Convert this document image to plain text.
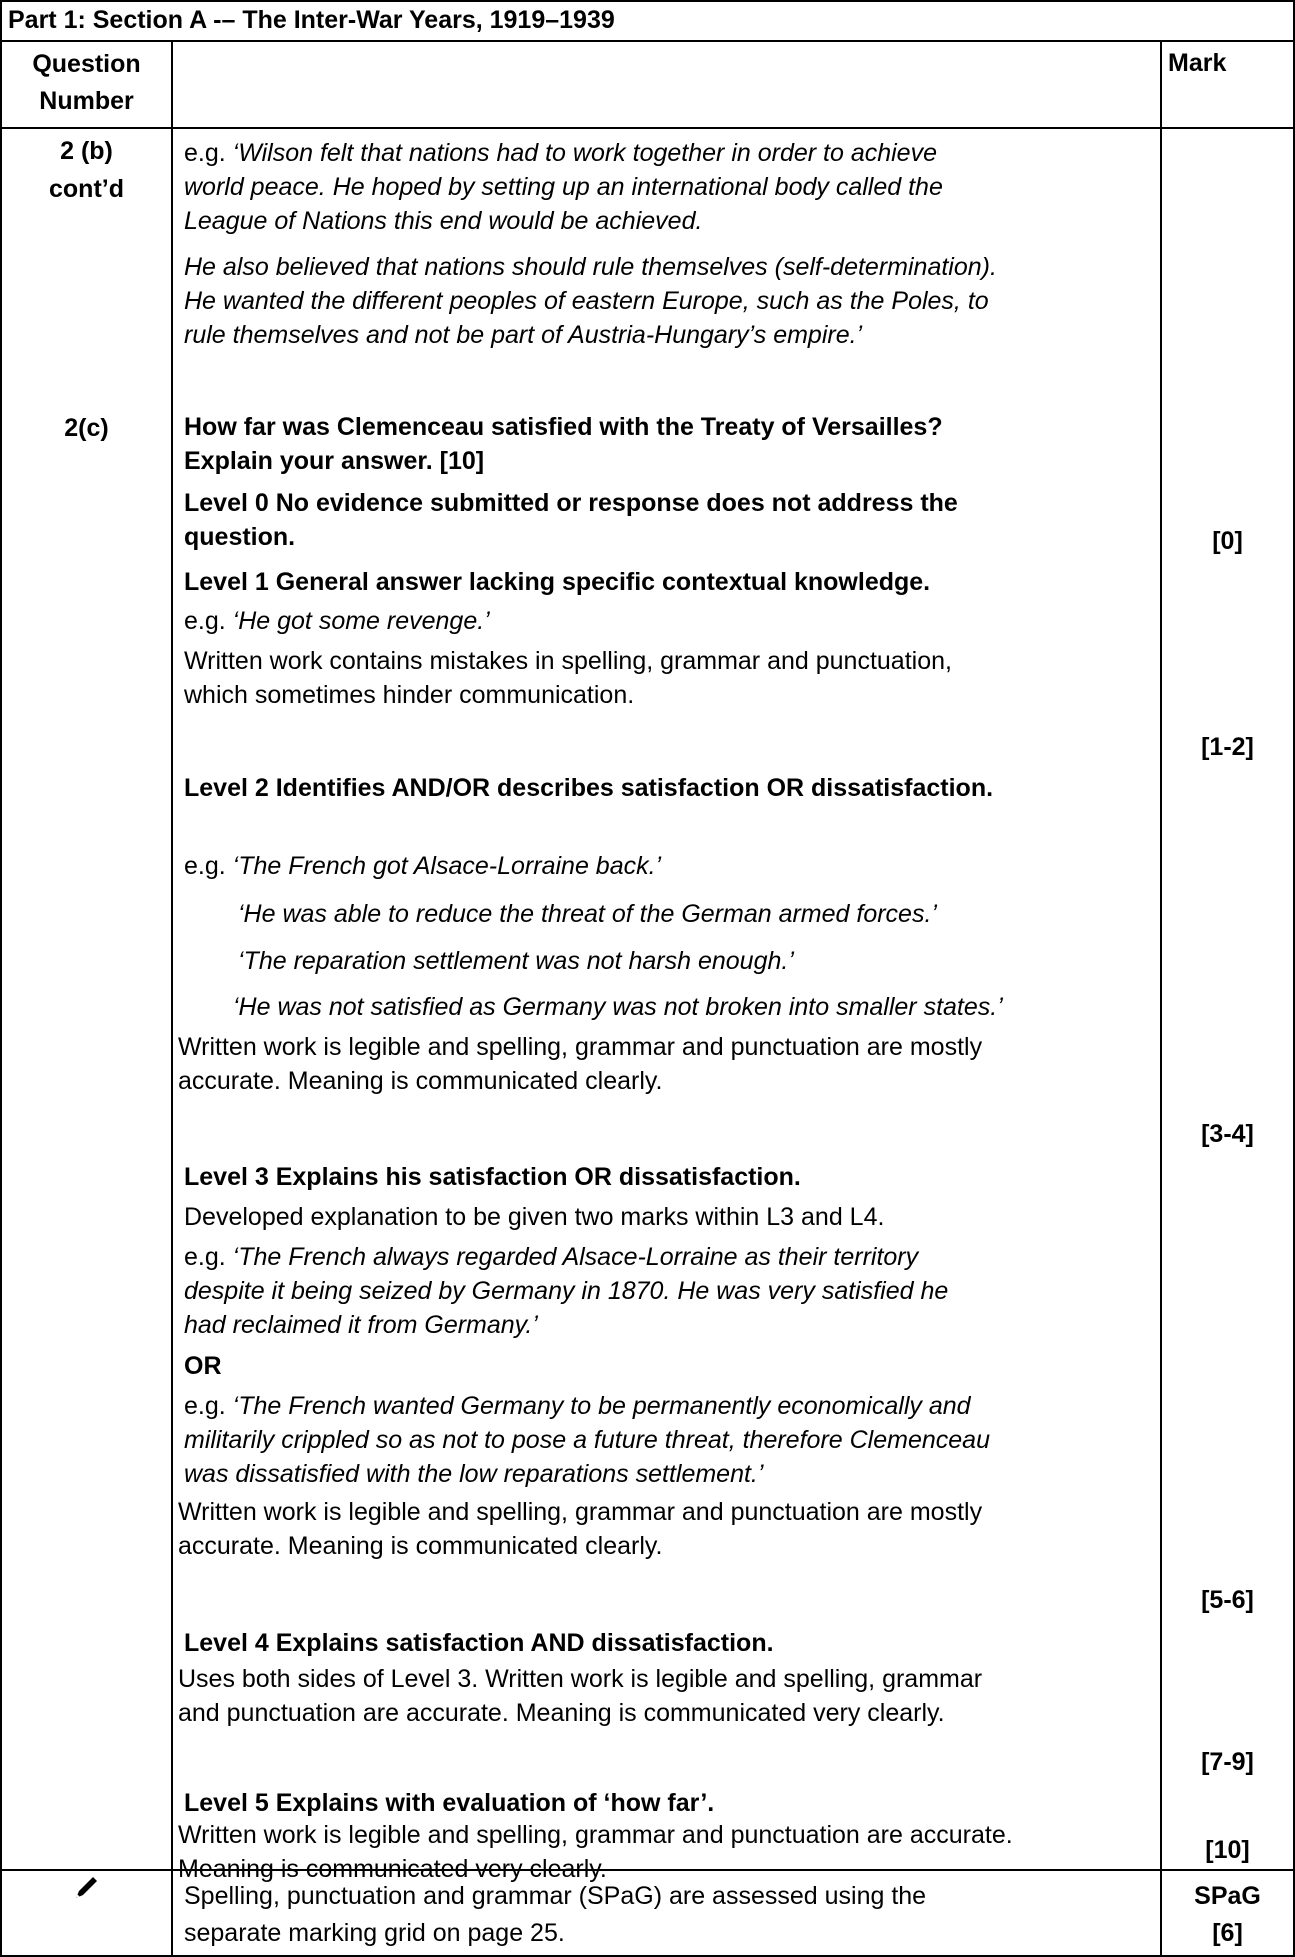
Part 1: Section A -– The Inter-War Years, 1919–1939
Question
Number
Mark
2 (b)
cont’d
e.g. ‘Wilson felt that nations had to work together in order to achieve
world peace. He hoped by setting up an international body called the
League of Nations this end would be achieved.
He also believed that nations should rule themselves (self-determination).
He wanted the different peoples of eastern Europe, such as the Poles, to
rule themselves and not be part of Austria-Hungary’s empire.’
2(c)	How far was Clemenceau satisfied with the Treaty of Versailles?
Explain your answer. [10]
Level 0 No evidence submitted or response does not address the
question.	[0]
Level 1 General answer lacking specific contextual knowledge.
e.g. ‘He got some revenge.’
Written work contains mistakes in spelling, grammar and punctuation,
which sometimes hinder communication.
[1-2]
Level 2 Identifies AND/OR describes satisfaction OR dissatisfaction.
e.g. ‘The French got Alsace-Lorraine back.’
‘He was able to reduce the threat of the German armed forces.’
‘The reparation settlement was not harsh enough.’
‘He was not satisfied as Germany was not broken into smaller states.’
Written work is legible and spelling, grammar and punctuation are mostly
accurate. Meaning is communicated clearly.
[3-4]
Level 3 Explains his satisfaction OR dissatisfaction.
Developed explanation to be given two marks within L3 and L4.
e.g. ‘The French always regarded Alsace-Lorraine as their territory
despite it being seized by Germany in 1870. He was very satisfied he
had reclaimed it from Germany.’
OR
e.g. ‘The French wanted Germany to be permanently economically and
militarily crippled so as not to pose a future threat, therefore Clemenceau
was dissatisfied with the low reparations settlement.’
Written work is legible and spelling, grammar and punctuation are mostly
accurate. Meaning is communicated clearly.
[5-6]
Level 4 Explains satisfaction AND dissatisfaction.
Uses both sides of Level 3. Written work is legible and spelling, grammar
and punctuation are accurate. Meaning is communicated very clearly.
[7-9]
Level 5 Explains with evaluation of ‘how far’.
Written work is legible and spelling, grammar and punctuation are accurate.
Meaning is communicated very clearly.
[10]
Spelling, punctuation and grammar (SPaG) are assessed using the
separate marking grid on page 25.
SPaG
[6]
